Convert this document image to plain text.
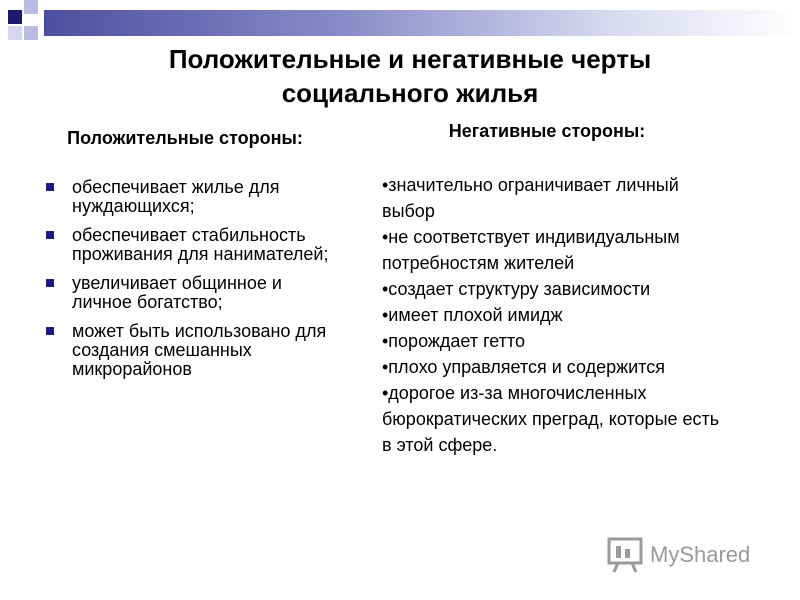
Положительные и негативные черты социального жилья
Положительные стороны:
обеспечивает жилье для нуждающихся;
обеспечивает стабильность проживания для нанимателей;
увеличивает общинное и личное богатство;
может быть использовано для создания смешанных микрорайонов
Негативные стороны:
•значительно ограничивает личный выбор
•не соответствует индивидуальным потребностям жителей
•создает структуру зависимости
•имеет плохой имидж
•порождает гетто
•плохо управляется и содержится
•дорогое из-за многочисленных бюрократических преград, которые есть в этой сфере.
MyShared
